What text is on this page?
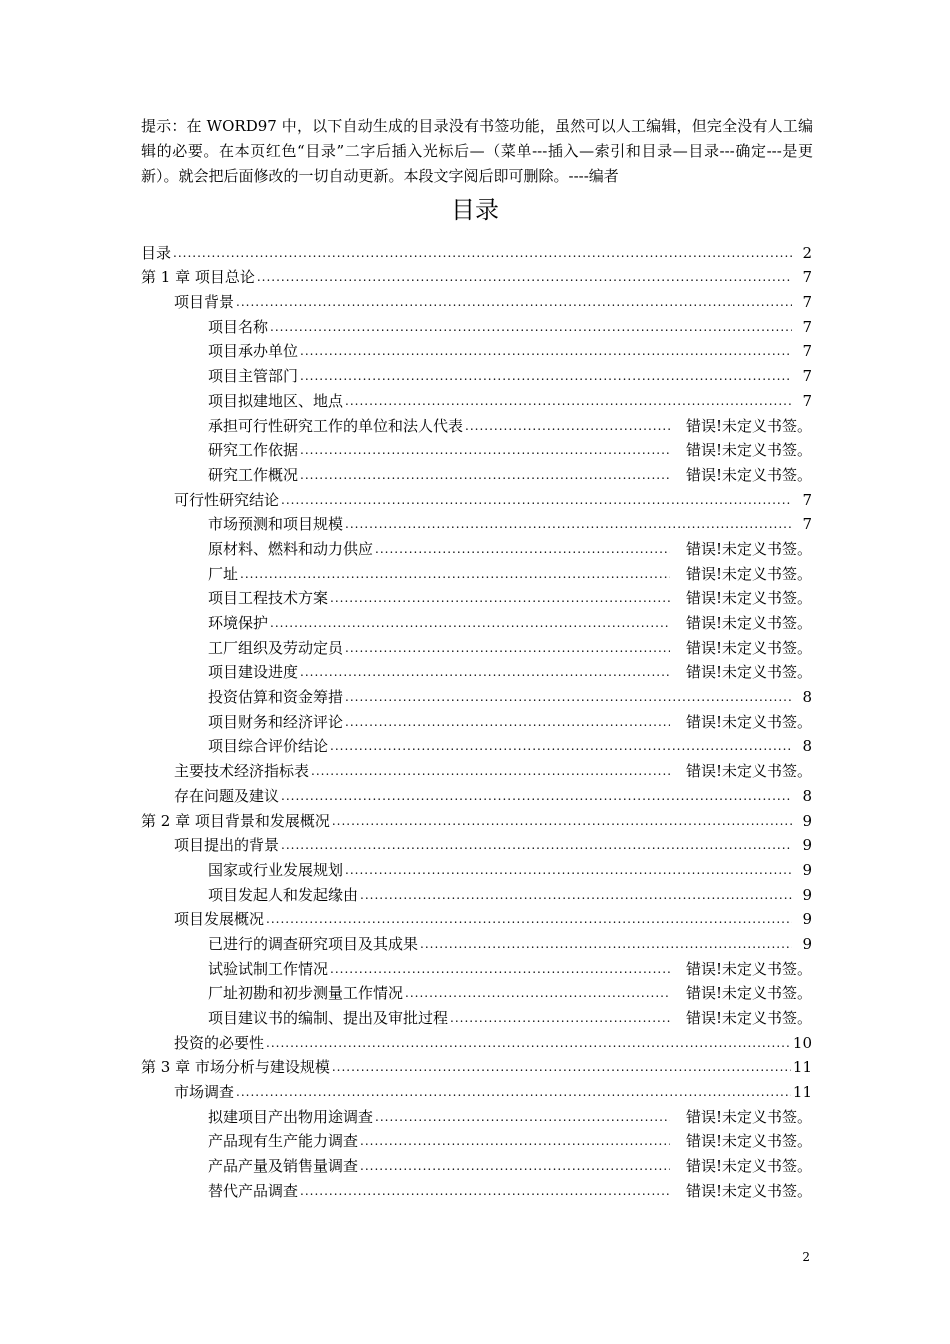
提示：在 WORD97 中，以下自动生成的目录没有书签功能，虽然可以人工编辑，但完全没有人工编辑的必要。在本页红色“目录”二字后插入光标后—（菜单---插入—索引和目录—目录---确定---是更新）。就会把后面修改的一切自动更新。本段文字阅后即可删除。----编者

目录
目录 .....	2
第 1 章 项目总论 .....	7
项目背景 .....	7
项目名称 .....	7
项目承办单位 .....	7
项目主管部门 .....	7
项目拟建地区、地点 .....	7
承担可行性研究工作的单位和法人代表 .....	错误!未定义书签。
研究工作依据 .....	错误!未定义书签。
研究工作概况 .....	错误!未定义书签。
可行性研究结论 .....	7
市场预测和项目规模 .....	7
原材料、燃料和动力供应 .....	错误!未定义书签。
厂址 .....	错误!未定义书签。
项目工程技术方案 .....	错误!未定义书签。
环境保护 .....	错误!未定义书签。
工厂组织及劳动定员 .....	错误!未定义书签。
项目建设进度 .....	错误!未定义书签。
投资估算和资金筹措 .....	8
项目财务和经济评论 .....	错误!未定义书签。
项目综合评价结论 .....	8
主要技术经济指标表 .....	错误!未定义书签。
存在问题及建议 .....	8
第 2 章 项目背景和发展概况 .....	9
项目提出的背景 .....	9
国家或行业发展规划 .....	9
项目发起人和发起缘由 .....	9
项目发展概况 .....	9
已进行的调查研究项目及其成果 .....	9
试验试制工作情况 .....	错误!未定义书签。
厂址初勘和初步测量工作情况 .....	错误!未定义书签。
项目建议书的编制、提出及审批过程 .....	错误!未定义书签。
投资的必要性 .....	10
第 3 章 市场分析与建设规模 .....	11
市场调查 .....	11
拟建项目产出物用途调查 .....	错误!未定义书签。
产品现有生产能力调查 .....	错误!未定义书签。
产品产量及销售量调查 .....	错误!未定义书签。
替代产品调查 .....	错误!未定义书签。
2
